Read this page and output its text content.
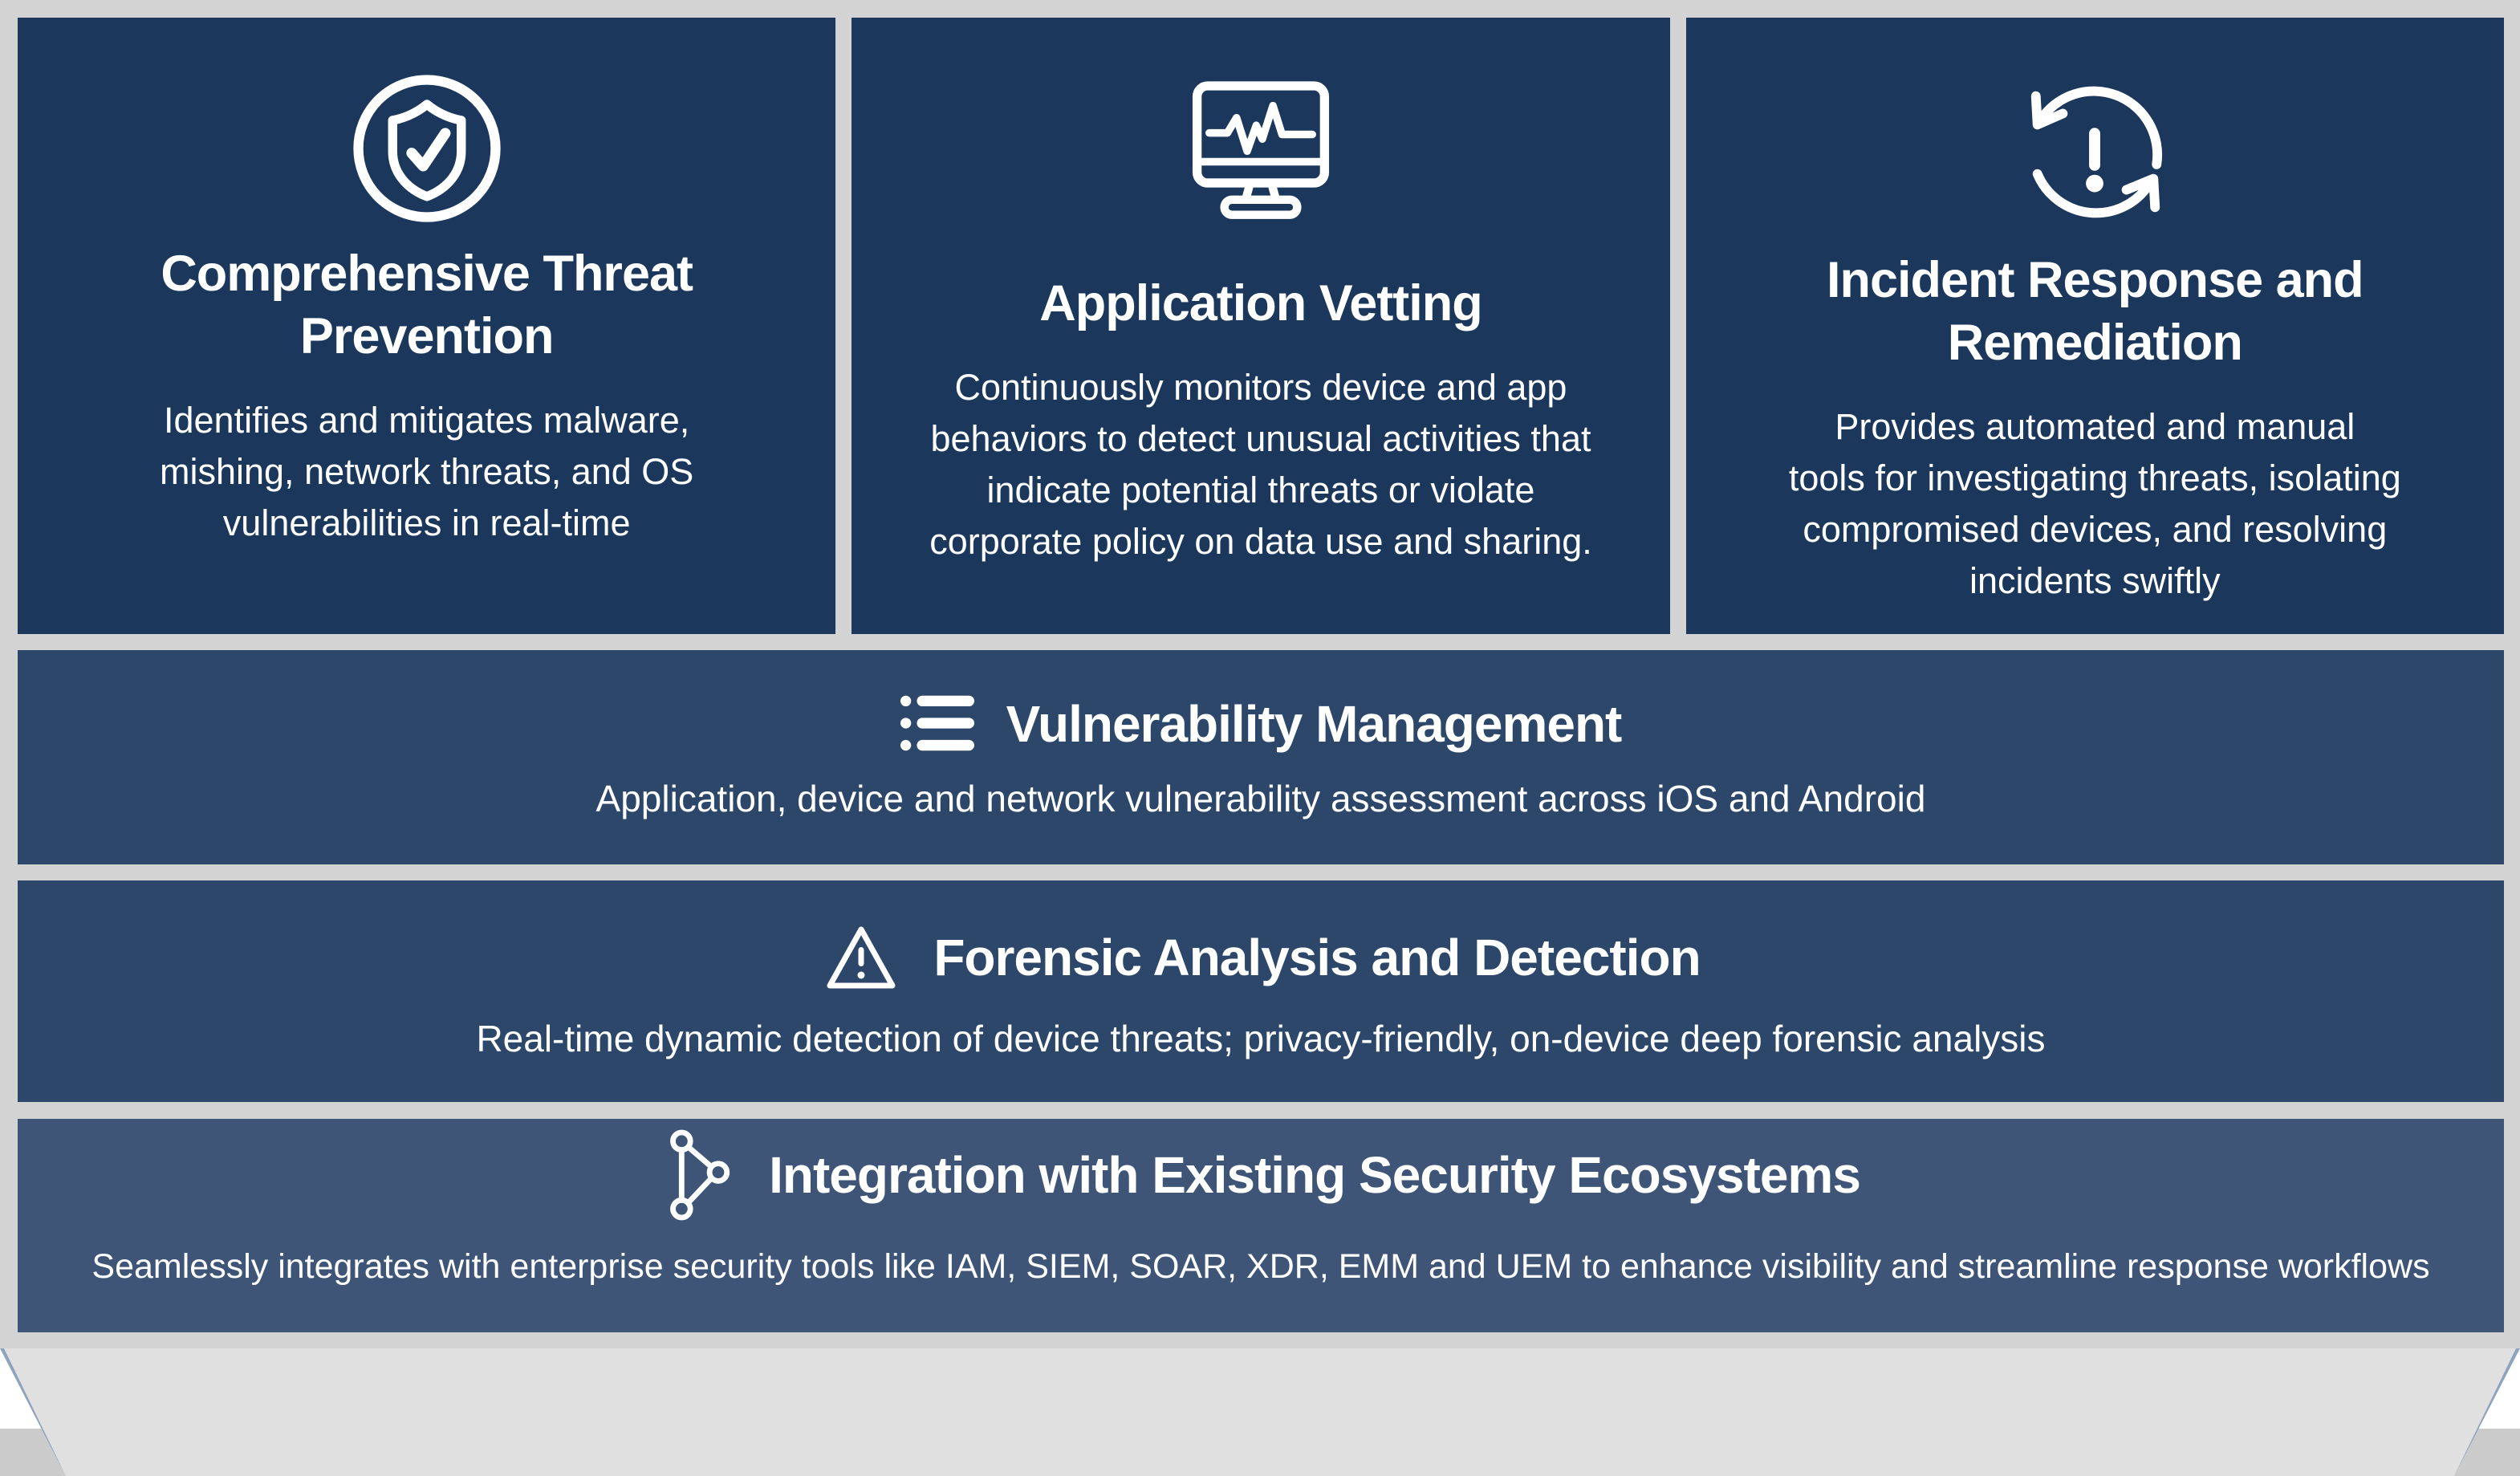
Comprehensive Threat
Prevention

Identifies and mitigates malware,
mishing, network threats, and OS
vulnerabilities in real-time

Application Vetting

Continuously monitors device and app
behaviors to detect unusual activities that
indicate potential threats or violate
corporate policy on data use and sharing.

Incident Response and
Remediation

Provides automated and manual
tools for investigating threats, isolating
compromised devices, and resolving
incidents swiftly

Vulnerability Management

Application, device and network vulnerability assessment across iOS and Android

Forensic Analysis and Detection

Real-time dynamic detection of device threats; privacy-friendly, on-device deep forensic analysis

Integration with Existing Security Ecosystems

Seamlessly integrates with enterprise security tools like IAM, SIEM, SOAR, XDR, EMM and UEM to enhance visibility and streamline response workflows
